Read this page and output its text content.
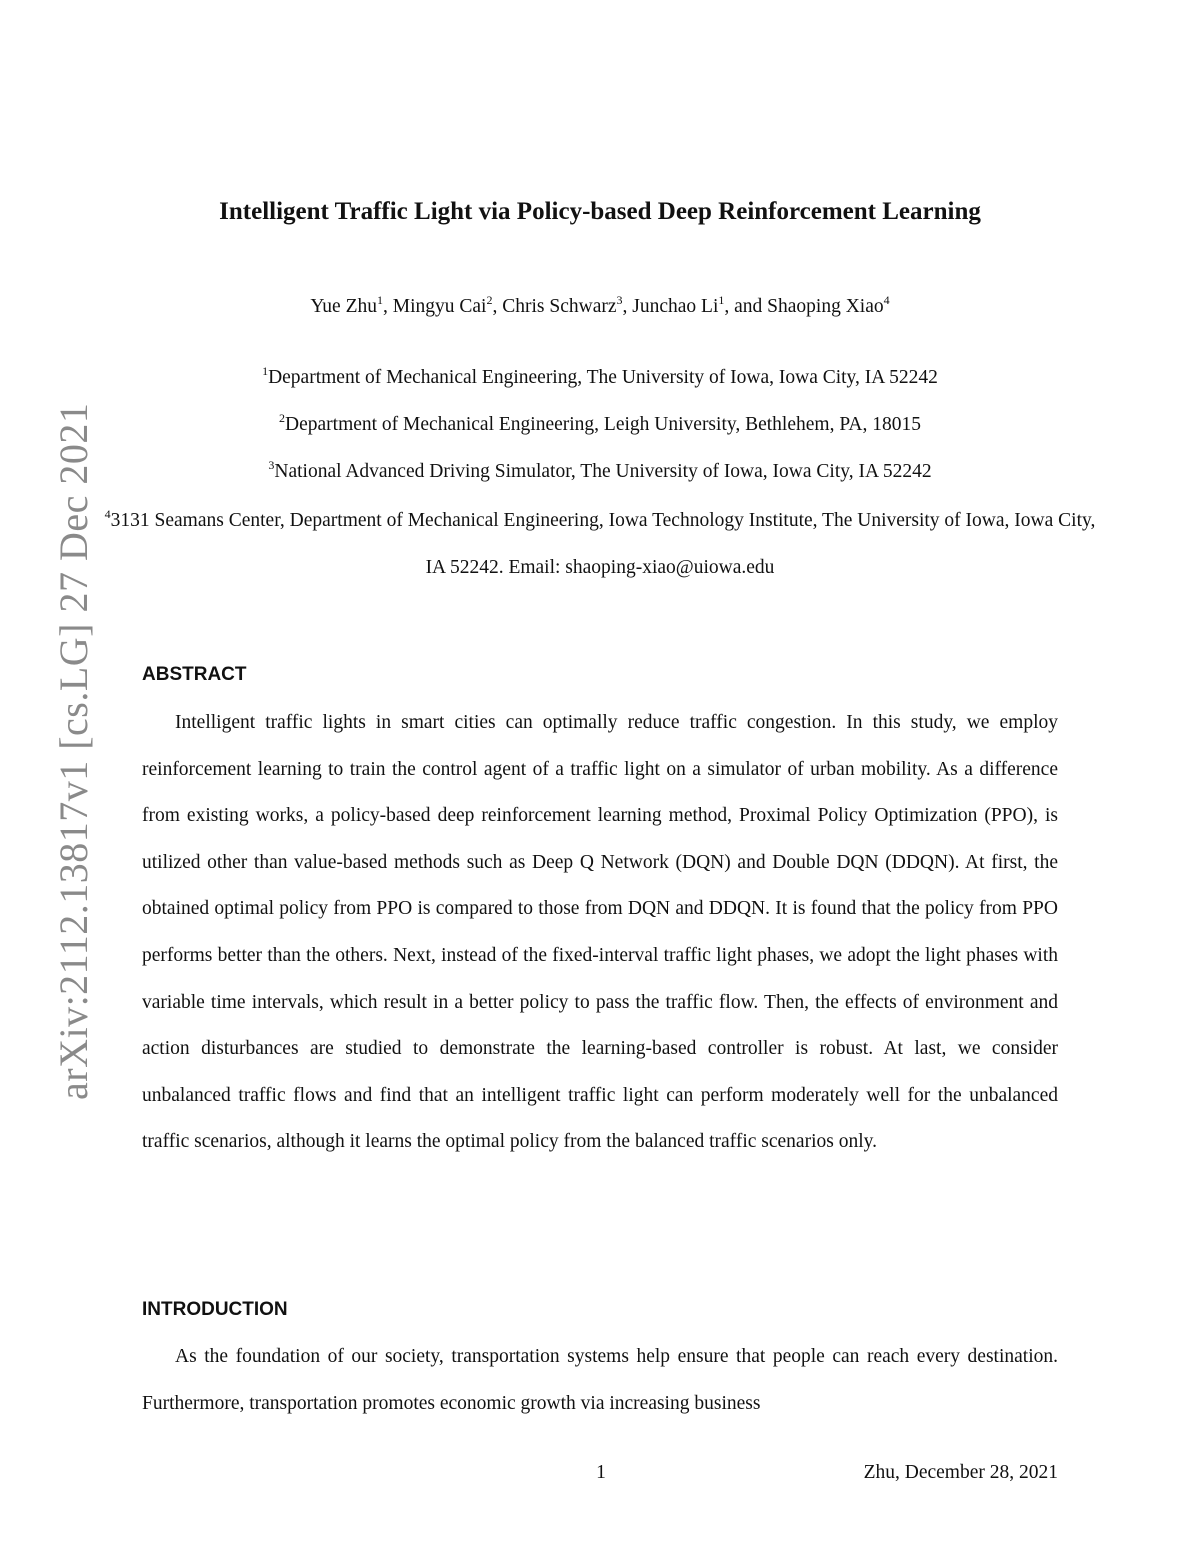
arXiv:2112.13817v1 [cs.LG] 27 Dec 2021
Intelligent Traffic Light via Policy-based Deep Reinforcement Learning
Yue Zhu$^1$, Mingyu Cai$^2$, Chris Schwarz$^3$, Junchao Li$^1$, and Shaoping Xiao$^4$
$^1$Department of Mechanical Engineering, The University of Iowa, Iowa City, IA 52242
$^2$Department of Mechanical Engineering, Leigh University, Bethlehem, PA, 18015
$^3$National Advanced Driving Simulator, The University of Iowa, Iowa City, IA 52242
$^4$3131 Seamans Center, Department of Mechanical Engineering, Iowa Technology Institute, The University of Iowa, Iowa City, IA 52242. Email: shaoping-xiao@uiowa.edu
ABSTRACT

Intelligent traffic lights in smart cities can optimally reduce traffic congestion. In this study, we employ reinforcement learning to train the control agent of a traffic light on a simulator of urban mobility. As a difference from existing works, a policy-based deep reinforcement learning method, Proximal Policy Optimization (PPO), is utilized other than value-based methods such as Deep Q Network (DQN) and Double DQN (DDQN). At first, the obtained optimal policy from PPO is compared to those from DQN and DDQN. It is found that the policy from PPO performs better than the others. Next, instead of the fixed-interval traffic light phases, we adopt the light phases with variable time intervals, which result in a better policy to pass the traffic flow. Then, the effects of environment and action disturbances are studied to demonstrate the learning-based controller is robust. At last, we consider unbalanced traffic flows and find that an intelligent traffic light can perform moderately well for the unbalanced traffic scenarios, although it learns the optimal policy from the balanced traffic scenarios only.

INTRODUCTION

As the foundation of our society, transportation systems help ensure that people can reach every destination. Furthermore, transportation promotes economic growth via increasing business

1	Zhu, December 28, 2021
